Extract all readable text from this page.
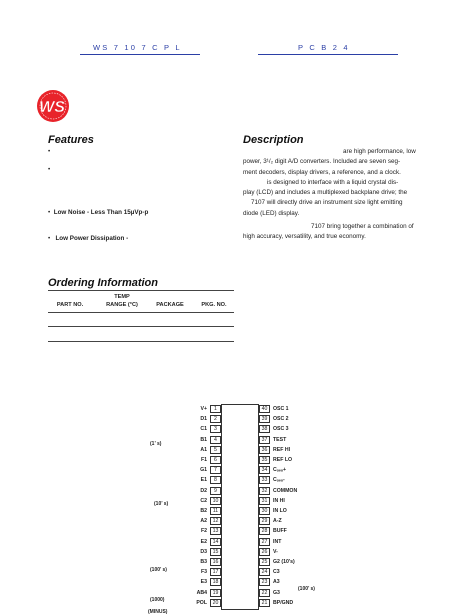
WS 7 10 7 C P L	P C B 2 4
WS
Features
•
•
•  Low Noise - Less Than 15µVp-p
•   Low Power Dissipation -
Description
are high performance, low
power, 3¹/₂ digit A/D converters. Included are seven seg-
ment decoders, display drivers, a reference, and a clock.
is designed to interface with a liquid crystal dis-
play (LCD) and includes a multiplexed backplane drive; the
7107 will directly drive an instrument size light emitting
diode (LED) display.
7107 bring together a combination of
high accuracy, versatility, and true economy.
Ordering Information
PART NO.
TEMP
RANGE (°C)	PACKAGE	PKG. NO.
V+	1
D1	2
C1	3
B1	4
A1	5
F1	6
G1	7
E1	8
D2	9
C2	10
B2	11
A2	12
F2	13
E2	14
D3	15
B3	16
F3	17
E3	18
AB4	19
POL	20
40	OSC 1
39	OSC 2
38	OSC 3
37	TEST
36	REF HI
35	REF LO
34	Cₒₑₒ+
33	Cₒₑₒ-
32	COMMON
31	IN HI
30	IN LO
29	A-Z
28	BUFF
27	INT
26	V-
25	G2 (10’s)
24	C3
23	A3
22	G3
21	BP/GND
(1’ s)
(10’ s)
(100’ s)
(1000)
(MINUS)
(100’ s)
